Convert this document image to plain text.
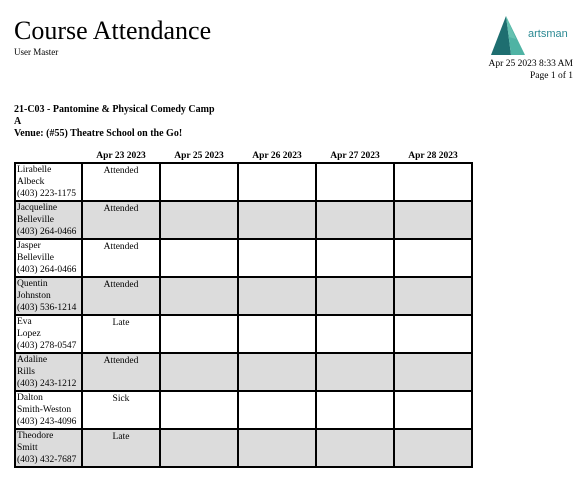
Course Attendance
User Master
artsman
Apr 25 2023 8:33 AM
Page 1 of 1
21-C03 - Pantomine & Physical Comedy Camp
A
Venue: (#55) Theatre School on the Go!
	Apr 23 2023	Apr 25 2023	Apr 26 2023	Apr 27 2023	Apr 28 2023

Lirabelle
Albeck
(403) 223-1175	Attended				

Jacqueline
Belleville
(403) 264-0466	Attended				

Jasper
Belleville
(403) 264-0466	Attended				

Quentin
Johnston
(403) 536-1214	Attended				

Eva
Lopez
(403) 278-0547	Late				

Adaline
Rills
(403) 243-1212	Attended				

Dalton
Smith-Weston
(403) 243-4096	Sick				

Theodore
Smitt
(403) 432-7687	Late				
